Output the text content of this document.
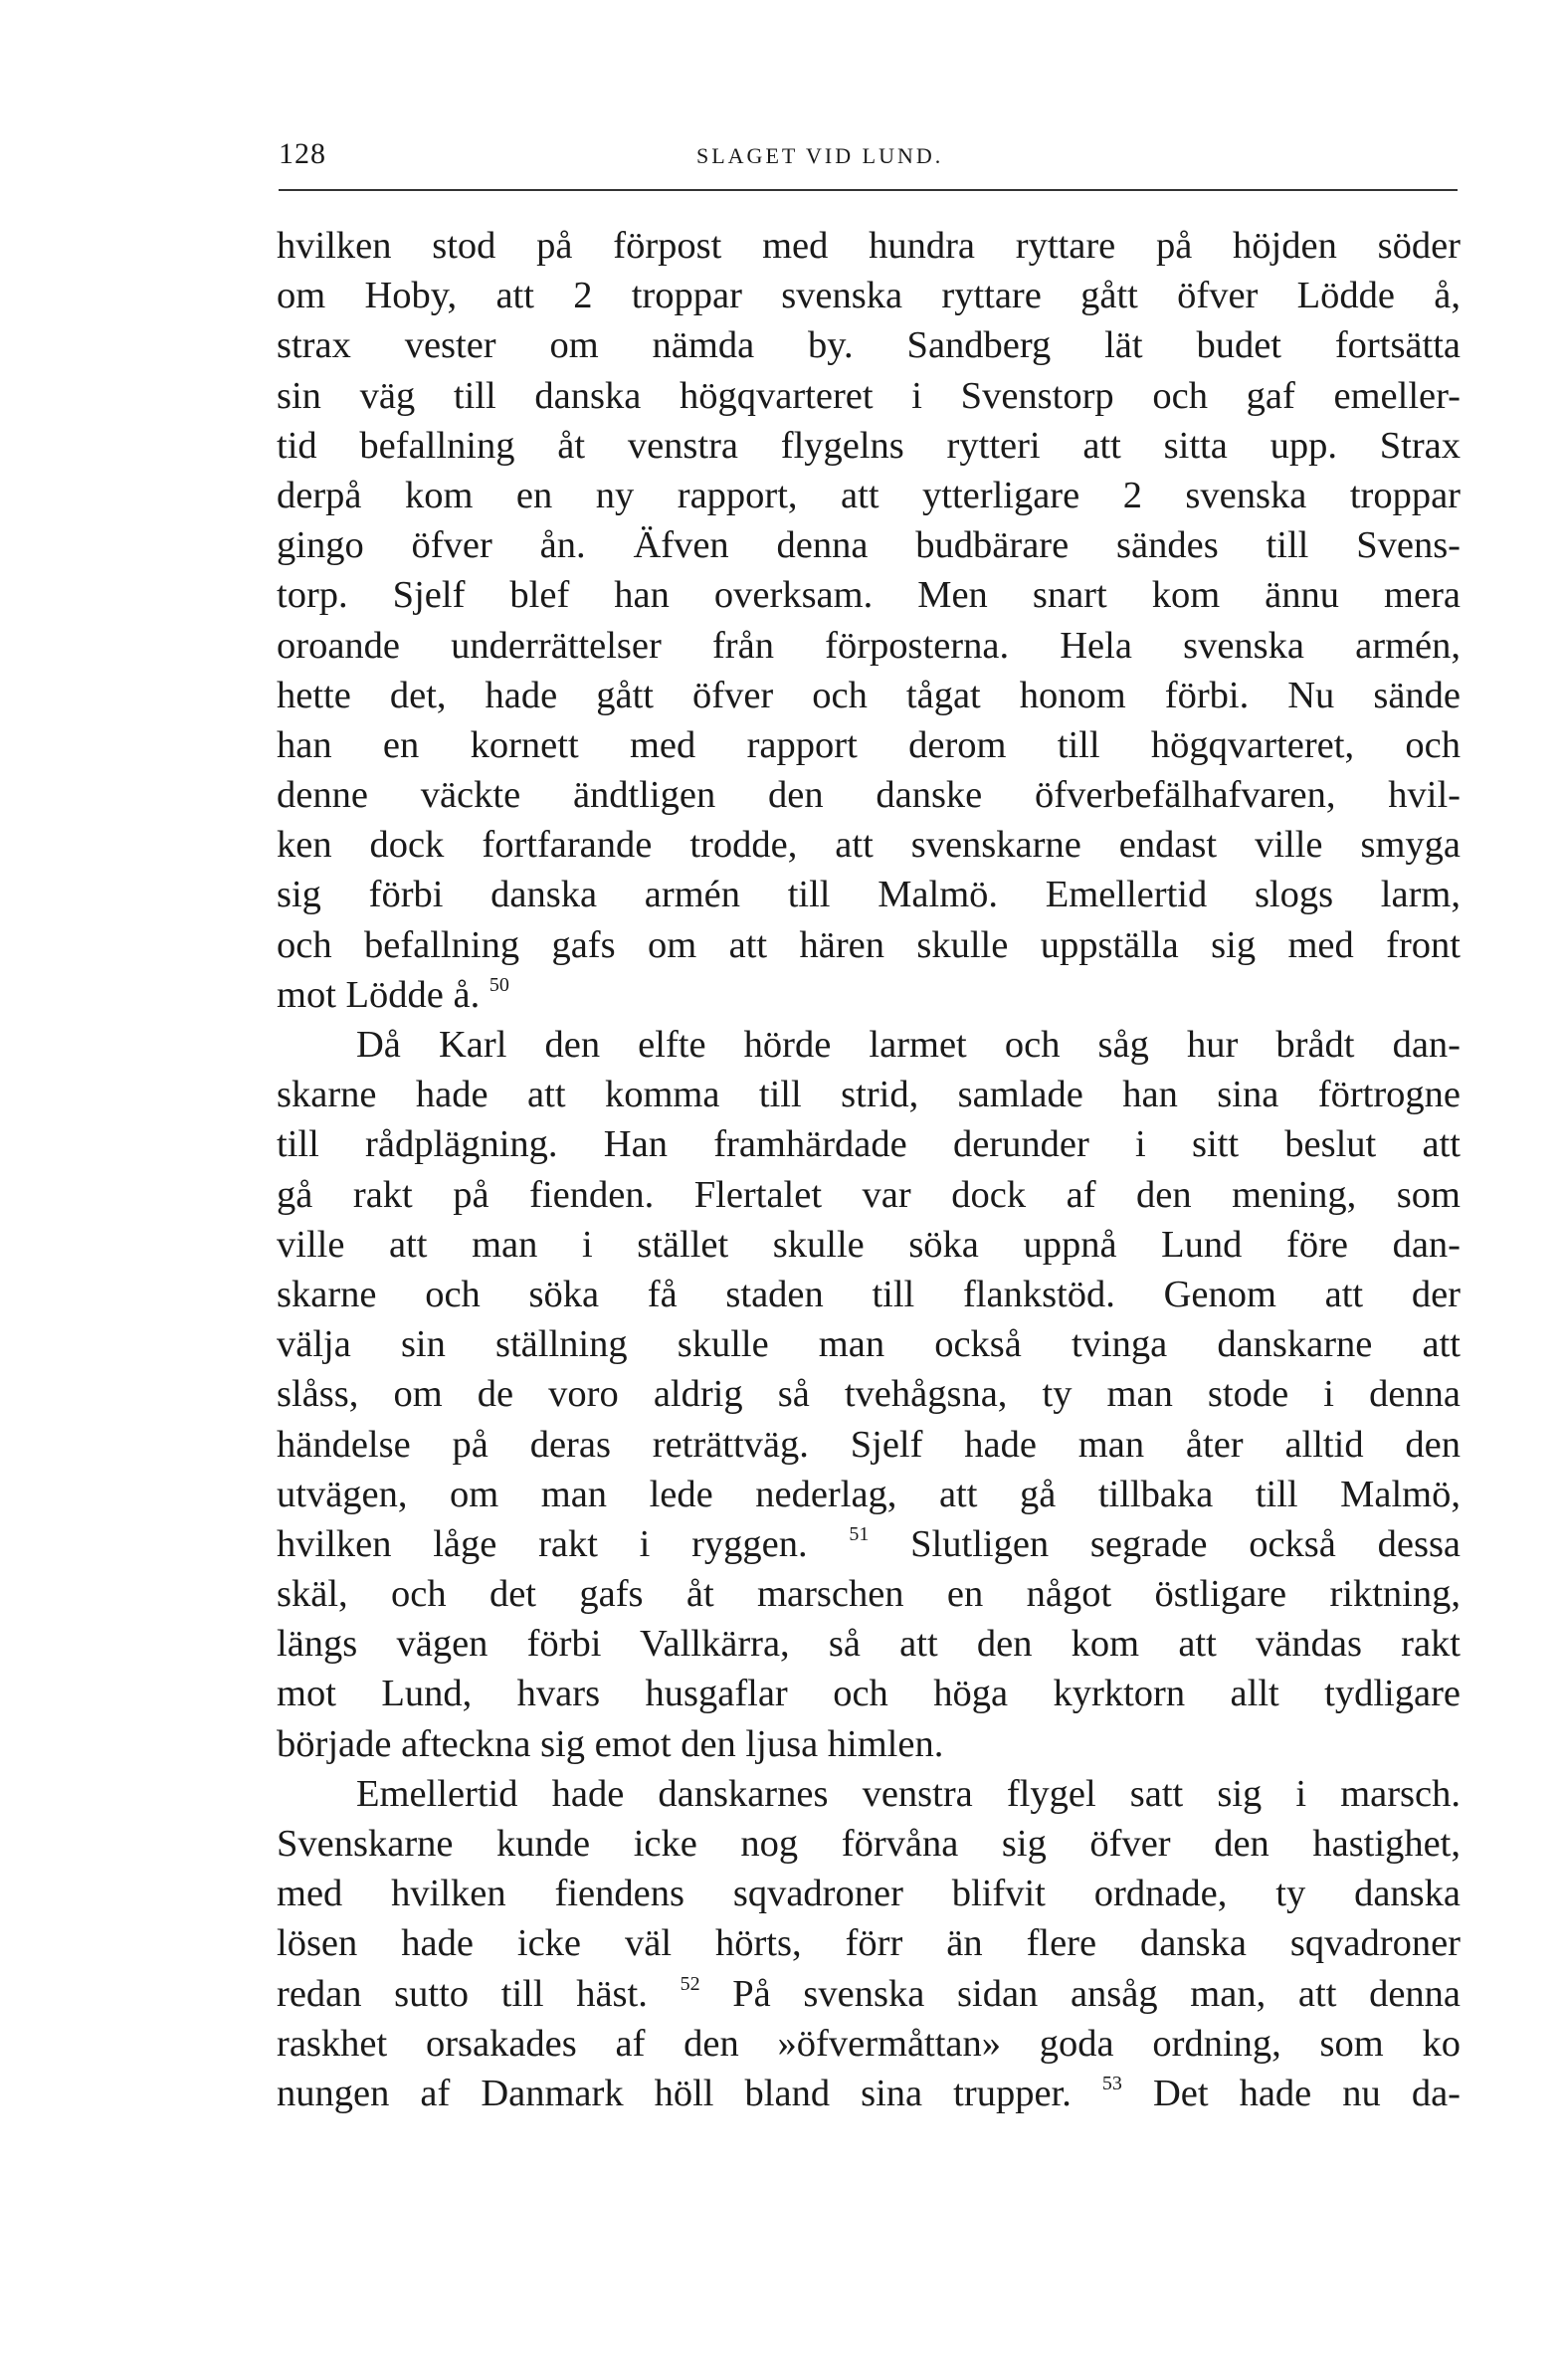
128	SLAGET VID LUND.
hvilken stod på förpost med hundra ryttare på höjden söder
om Hoby, att 2 troppar svenska ryttare gått öfver Lödde å,
strax vester om nämda by. Sandberg lät budet fortsätta
sin väg till danska högqvarteret i Svenstorp och gaf emeller-
tid befallning åt venstra flygelns rytteri att sitta upp. Strax
derpå kom en ny rapport, att ytterligare 2 svenska troppar
gingo öfver ån. Äfven denna budbärare sändes till Svens-
torp. Sjelf blef han overksam. Men snart kom ännu mera
oroande underrättelser från förposterna. Hela svenska armén,
hette det, hade gått öfver och tågat honom förbi. Nu sände
han en kornett med rapport derom till högqvarteret, och
denne väckte ändtligen den danske öfverbefälhafvaren, hvil-
ken dock fortfarande trodde, att svenskarne endast ville smyga
sig förbi danska armén till Malmö. Emellertid slogs larm,
och befallning gafs om att hären skulle uppställa sig med front
mot Lödde å. $^{50}$
Då Karl den elfte hörde larmet och såg hur brådt dan-
skarne hade att komma till strid, samlade han sina förtrogne
till rådplägning. Han framhärdade derunder i sitt beslut att
gå rakt på fienden. Flertalet var dock af den mening, som
ville att man i stället skulle söka uppnå Lund före dan-
skarne och söka få staden till flankstöd. Genom att der
välja sin ställning skulle man också tvinga danskarne att
slåss, om de voro aldrig så tvehågsna, ty man stode i denna
händelse på deras reträttväg. Sjelf hade man åter alltid den
utvägen, om man lede nederlag, att gå tillbaka till Malmö,
hvilken låge rakt i ryggen. $^{51}$ Slutligen segrade också dessa
skäl, och det gafs åt marschen en något östligare riktning,
längs vägen förbi Vallkärra, så att den kom att vändas rakt
mot Lund, hvars husgaflar och höga kyrktorn allt tydligare
började afteckna sig emot den ljusa himlen.
Emellertid hade danskarnes venstra flygel satt sig i marsch.
Svenskarne kunde icke nog förvåna sig öfver den hastighet,
med hvilken fiendens sqvadroner blifvit ordnade, ty danska
lösen hade icke väl hörts, förr än flere danska sqvadroner
redan sutto till häst. $^{52}$ På svenska sidan ansåg man, att denna
raskhet orsakades af den »öfvermåttan» goda ordning, som ko
nungen af Danmark höll bland sina trupper. $^{53}$ Det hade nu da-
